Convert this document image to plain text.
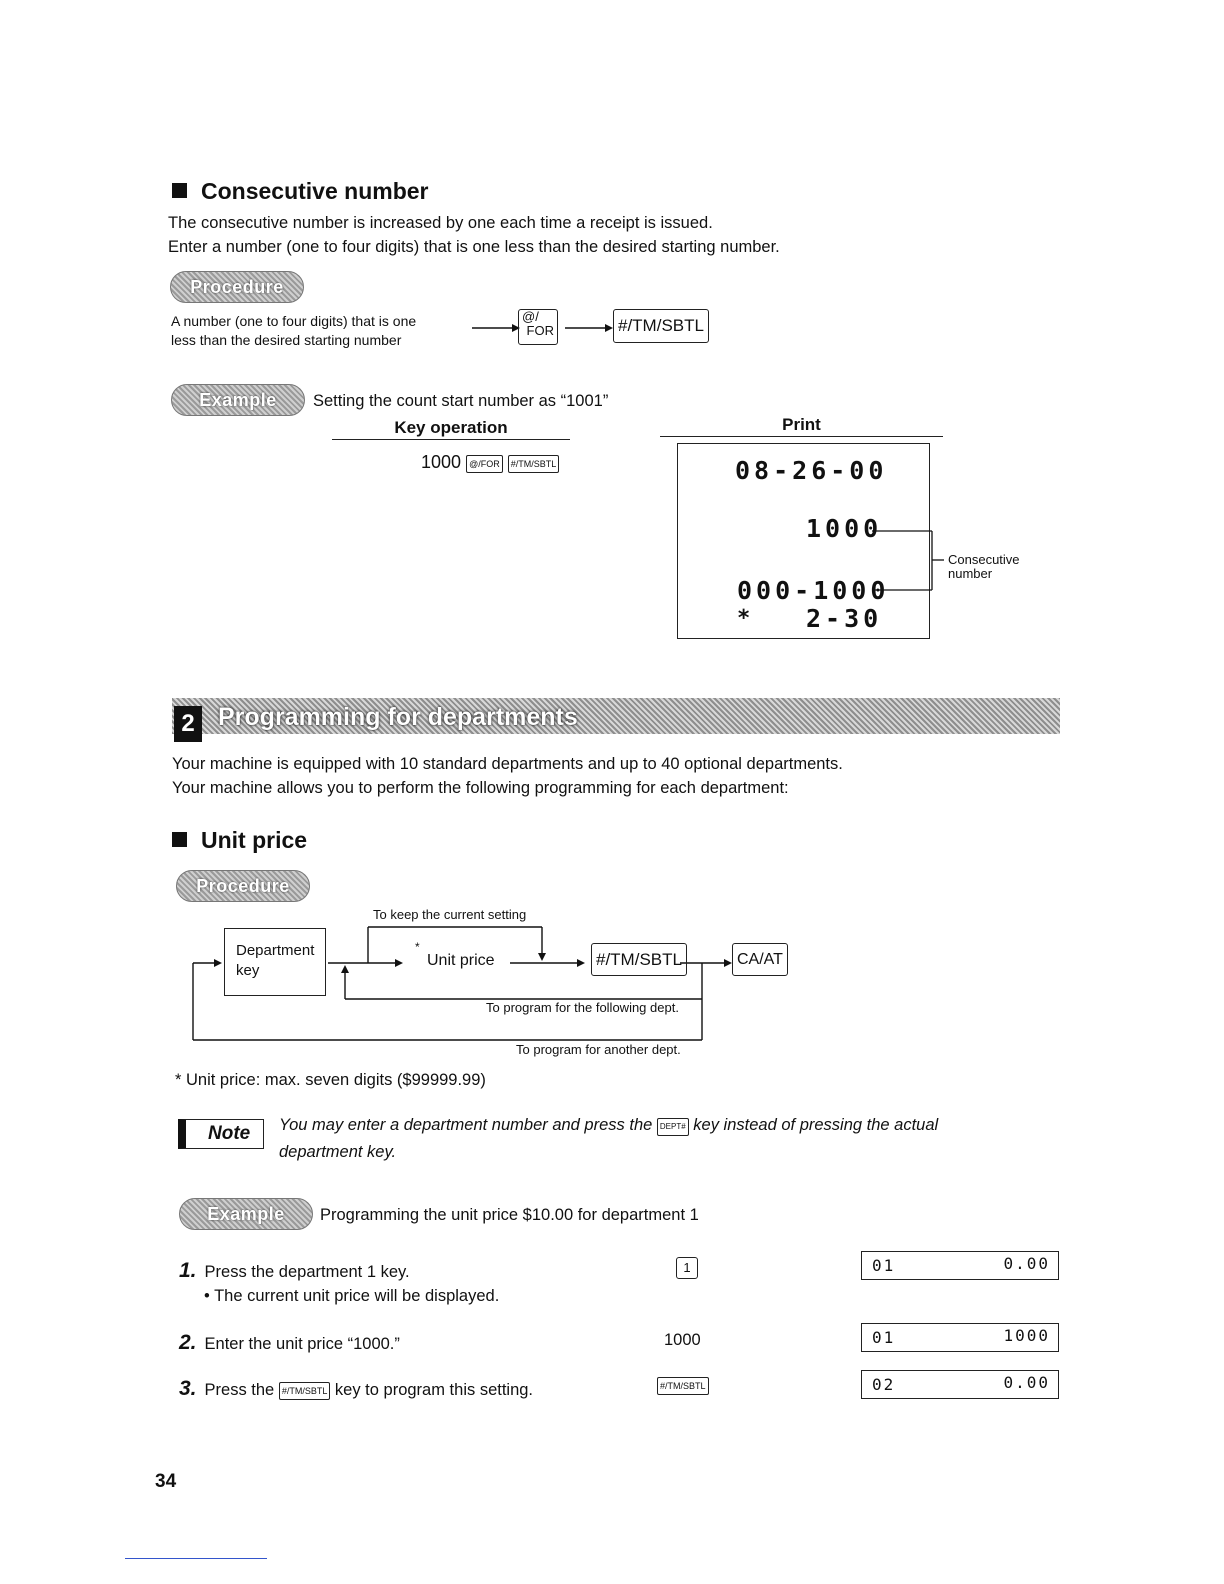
Consecutive number
The consecutive number is increased by one each time a receipt is issued.
Enter a number (one to four digits) that is one less than the desired starting number.
Procedure
A number (one to four digits) that is one
less than the desired starting number
@/
FOR	#/TM/SBTL
Example	Setting the count start number as “1001”
Key operation	Print
1000 @/FOR #/TM/SBTL	08-26-00
1000
000-1000
* 2-30
Consecutive
number
2 Programming for departments
Your machine is equipped with 10 standard departments and up to 40 optional departments.
Your machine allows you to perform the following programming for each department:
Unit price
Procedure
To keep the current setting
Department
key
*
Unit price	#/TM/SBTL	CA/AT
To program for the following dept.
To program for another dept.
* Unit price: max. seven digits ($99999.99)
Note You may enter a department number and press the DEPT# key instead of pressing the actual
department key.
Example	Programming the unit price $10.00 for department 1
1. Press the department 1 key.
• The current unit price will be displayed.
1	01	0.00
2. Enter the unit price “1000.”	1000	01	1000
3. Press the #/TM/SBTL key to program this setting.	#/TM/SBTL	02	0.00
34
